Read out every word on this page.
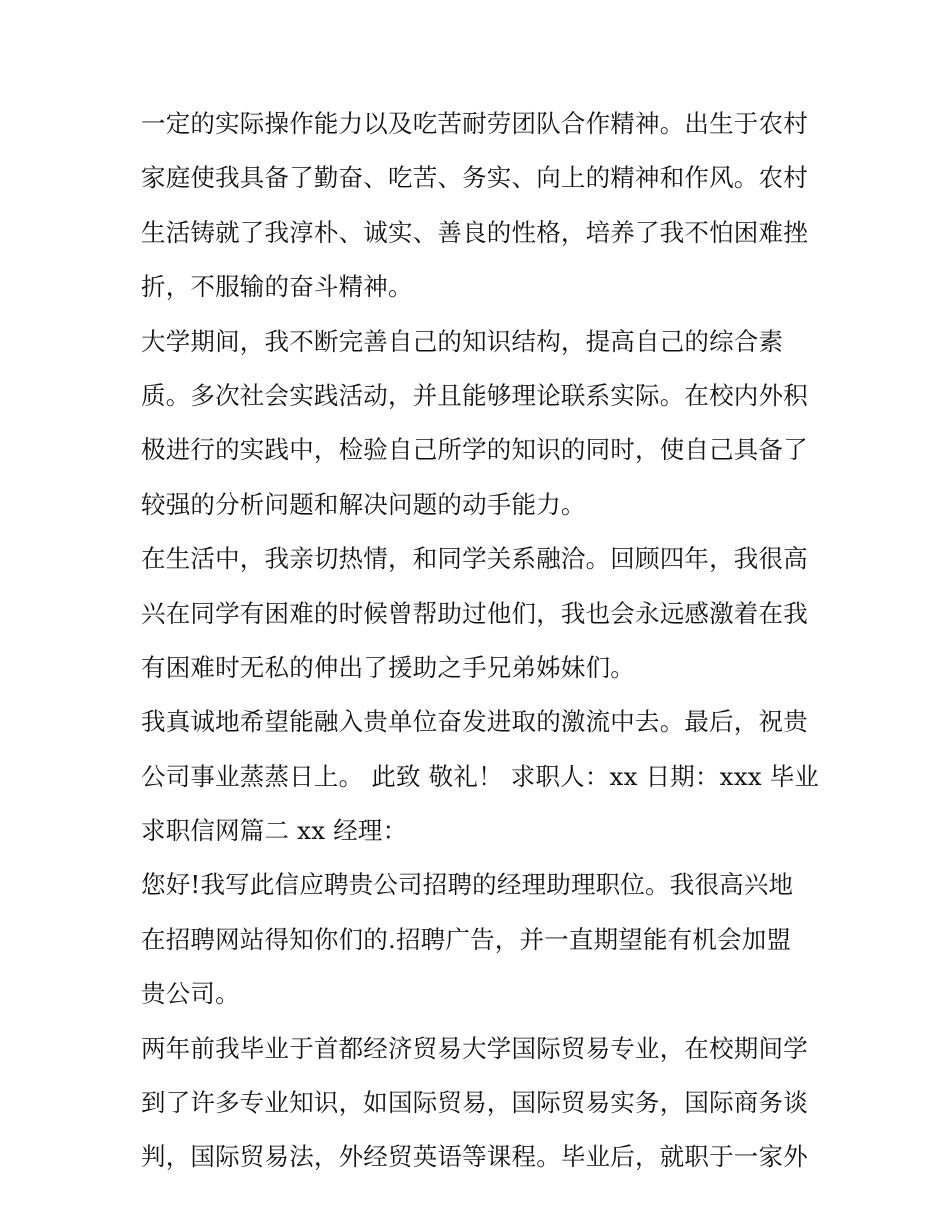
一定的实际操作能力以及吃苦耐劳团队合作精神。出生于农村
家庭使我具备了勤奋、吃苦、务实、向上的精神和作风。农村
生活铸就了我淳朴、诚实、善良的性格，培养了我不怕困难挫
折，不服输的奋斗精神。
大学期间，我不断完善自己的知识结构，提高自己的综合素
质。多次社会实践活动，并且能够理论联系实际。在校内外积
极进行的实践中，检验自己所学的知识的同时，使自己具备了
较强的分析问题和解决问题的动手能力。
在生活中，我亲切热情，和同学关系融洽。回顾四年，我很高
兴在同学有困难的时候曾帮助过他们，我也会永远感激着在我
有困难时无私的伸出了援助之手兄弟姊妹们。
我真诚地希望能融入贵单位奋发进取的激流中去。最后，祝贵
公司事业蒸蒸日上。 此致 敬礼！ 求职人：xx 日期：xxx 毕业
求职信网篇二 xx 经理：
您好!我写此信应聘贵公司招聘的经理助理职位。我很高兴地
在招聘网站得知你们的.招聘广告，并一直期望能有机会加盟
贵公司。
两年前我毕业于首都经济贸易大学国际贸易专业，在校期间学
到了许多专业知识，如国际贸易，国际贸易实务，国际商务谈
判，国际贸易法，外经贸英语等课程。毕业后，就职于一家外
